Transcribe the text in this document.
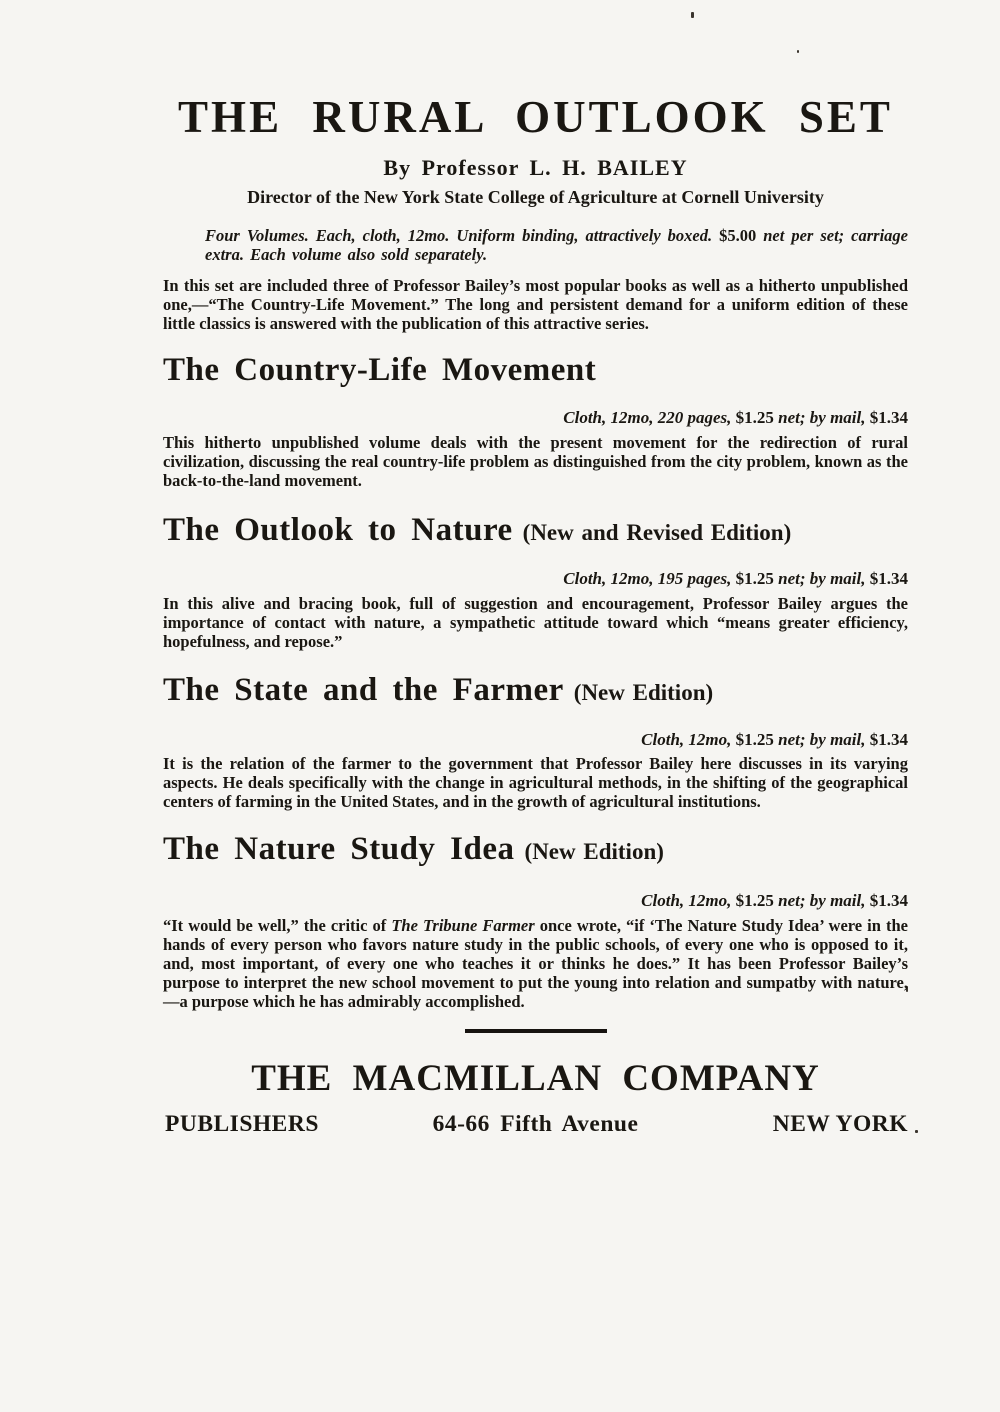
THE RURAL OUTLOOK SET

By Professor L. H. BAILEY

Director of the New York State College of Agriculture at Cornell University

Four Volumes. Each, cloth, 12mo. Uniform binding, attractively boxed. $5.00 net per set; carriage extra. Each volume also sold separately.

In this set are included three of Professor Bailey’s most popular books as well as a hitherto unpublished one,—“The Country-Life Movement.” The long and persistent demand for a uniform edition of these little classics is answered with the publication of this attractive series.

The Country-Life Movement

Cloth, 12mo, 220 pages, $1.25 net; by mail, $1.34

This hitherto unpublished volume deals with the present movement for the redirection of rural civilization, discussing the real country-life problem as distinguished from the city problem, known as the back-to-the-land movement.

The Outlook to Nature (New and Revised Edition)

Cloth, 12mo, 195 pages, $1.25 net; by mail, $1.34

In this alive and bracing book, full of suggestion and encouragement, Professor Bailey argues the importance of contact with nature, a sympathetic attitude toward which “means greater efficiency, hopefulness, and repose.”

The State and the Farmer (New Edition)

Cloth, 12mo, $1.25 net; by mail, $1.34

It is the relation of the farmer to the government that Professor Bailey here discusses in its varying aspects. He deals specifically with the change in agricultural methods, in the shifting of the geographical centers of farming in the United States, and in the growth of agricultural institutions.

The Nature Study Idea (New Edition)

Cloth, 12mo, $1.25 net; by mail, $1.34

“It would be well,” the critic of The Tribune Farmer once wrote, “if ‘The Nature Study Idea’ were in the hands of every person who favors nature study in the public schools, of every one who is opposed to it, and, most important, of every one who teaches it or thinks he does.” It has been Professor Bailey’s purpose to interpret the new school movement to put the young into relation and sumpatby with nature,—a purpose which he has admirably accomplished.

THE MACMILLAN COMPANY

PUBLISHERS	64-66 Fifth Avenue	NEW YORK
